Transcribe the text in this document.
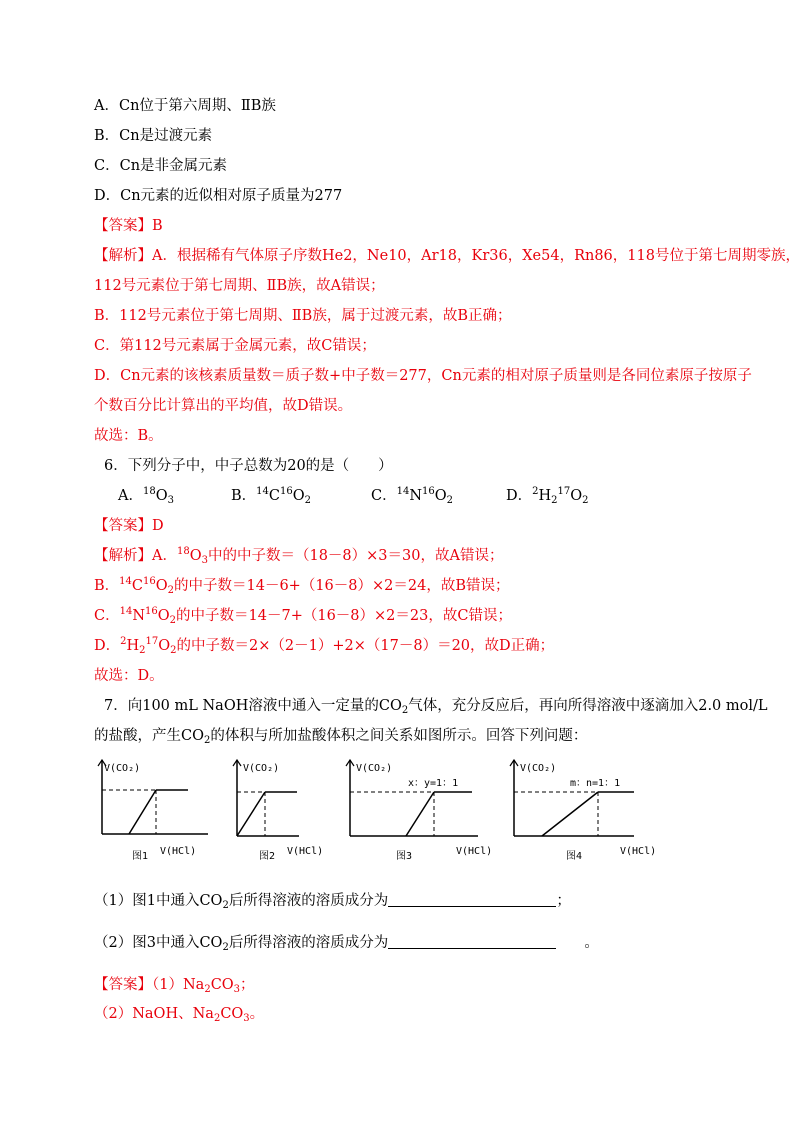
A．Cn位于第六周期、ⅡB族
B．Cn是过渡元素
C．Cn是非金属元素
D．Cn元素的近似相对原子质量为277
【答案】B
【解析】A．根据稀有气体原子序数He2，Ne10，Ar18，Kr36，Xe54，Rn86，118号位于第七周期零族，
112号元素位于第七周期、ⅡB族，故A错误；
B．112号元素位于第七周期、ⅡB族，属于过渡元素，故B正确；
C．第112号元素属于金属元素，故C错误；
D．Cn元素的该核素质量数＝质子数+中子数＝277，Cn元素的相对原子质量则是各同位素原子按原子
个数百分比计算出的平均值，故D错误。
故选：B。
6．下列分子中，中子总数为20的是（　　）
A．$^{18}O_3$	B．$^{14}C^{16}O_2$	C．$^{14}N^{16}O_2$	D．$^2H_2^{17}O_2$
【答案】D
【解析】A．$^{18}O_3$中的中子数＝（18－8）×3＝30，故A错误；
B．$^{14}C^{16}O_2$的中子数＝14－6+（16－8）×2＝24，故B错误；
C．$^{14}N^{16}O_2$的中子数＝14－7+（16－8）×2＝23，故C错误；
D．$^2H_2^{17}O_2$的中子数＝2×（2－1）+2×（17－8）＝20，故D正确；
故选：D。
7．向100 mL NaOH溶液中通入一定量的$CO_2$气体，充分反应后，再向所得溶液中逐滴加入2.0 mol/L
的盐酸，产生$CO_2$的体积与所加盐酸体积之间关系如图所示。回答下列问题：
V(CO₂)
V(HCl)
图1
V(CO₂)
V(HCl)
图2
V(CO₂)
x：y=1：1
V(HCl)
图3
V(CO₂)
m：n=1：1
V(HCl)
图4
（1）图1中通入$CO_2$后所得溶液的溶质成分为	；
（2）图3中通入$CO_2$后所得溶液的溶质成分为	。
【答案】$(1)Na_2CO_3$；
（2）NaOH、$Na_2CO_3$。
